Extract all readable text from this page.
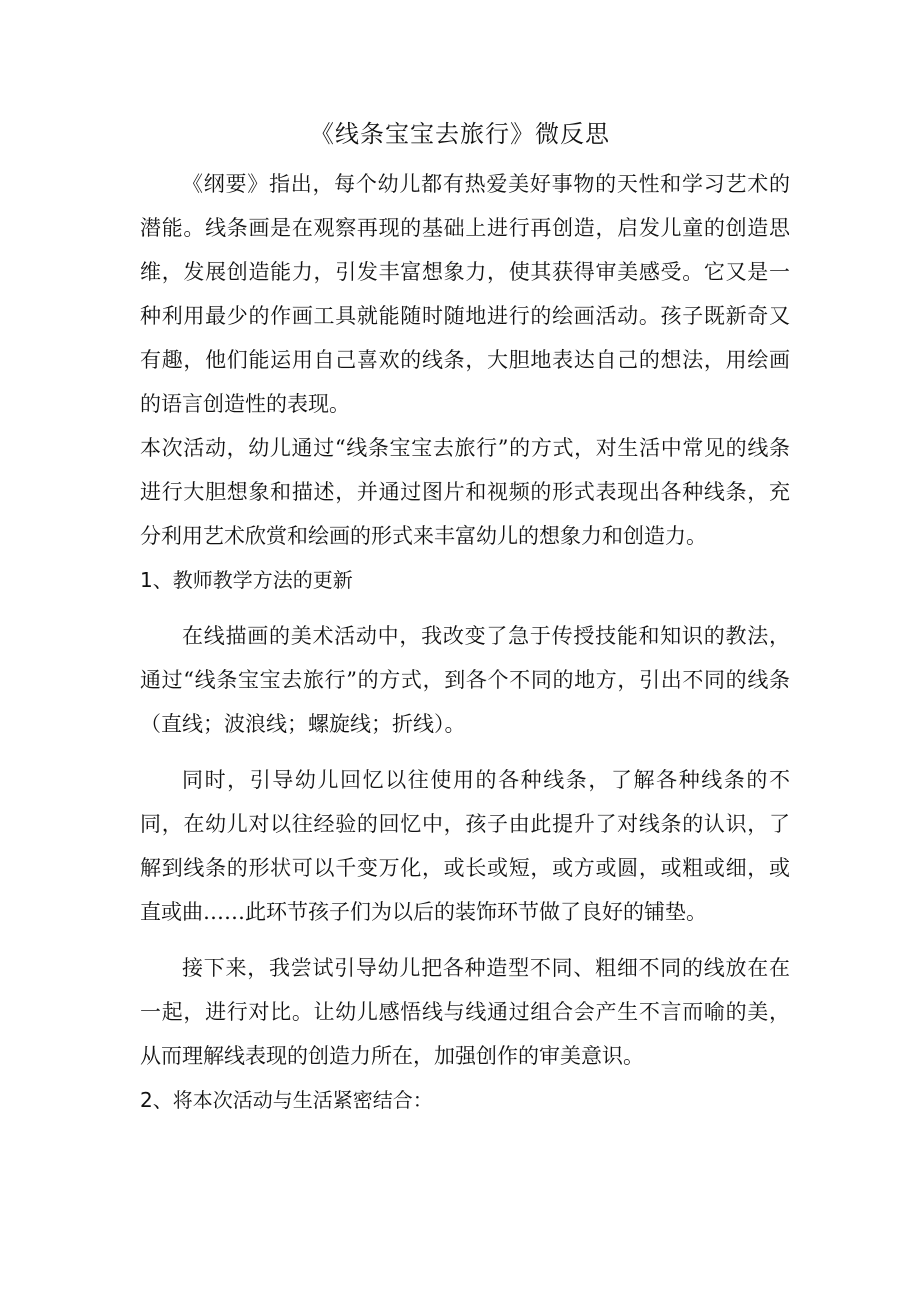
《线条宝宝去旅行》微反思

《纲要》指出，每个幼儿都有热爱美好事物的天性和学习艺术的潜能。线条画是在观察再现的基础上进行再创造，启发儿童的创造思维，发展创造能力，引发丰富想象力，使其获得审美感受。它又是一种利用最少的作画工具就能随时随地进行的绘画活动。孩子既新奇又有趣，他们能运用自己喜欢的线条，大胆地表达自己的想法，用绘画的语言创造性的表现。

本次活动，幼儿通过“线条宝宝去旅行”的方式，对生活中常见的线条进行大胆想象和描述，并通过图片和视频的形式表现出各种线条，充分利用艺术欣赏和绘画的形式来丰富幼儿的想象力和创造力。

1、教师教学方法的更新

在线描画的美术活动中，我改变了急于传授技能和知识的教法，通过“线条宝宝去旅行”的方式，到各个不同的地方，引出不同的线条（直线；波浪线；螺旋线；折线）。

同时，引导幼儿回忆以往使用的各种线条，了解各种线条的不同，在幼儿对以往经验的回忆中，孩子由此提升了对线条的认识，了解到线条的形状可以千变万化，或长或短，或方或圆，或粗或细，或直或曲……此环节孩子们为以后的装饰环节做了良好的铺垫。

接下来，我尝试引导幼儿把各种造型不同、粗细不同的线放在在一起，进行对比。让幼儿感悟线与线通过组合会产生不言而喻的美，从而理解线表现的创造力所在，加强创作的审美意识。

2、将本次活动与生活紧密结合：
